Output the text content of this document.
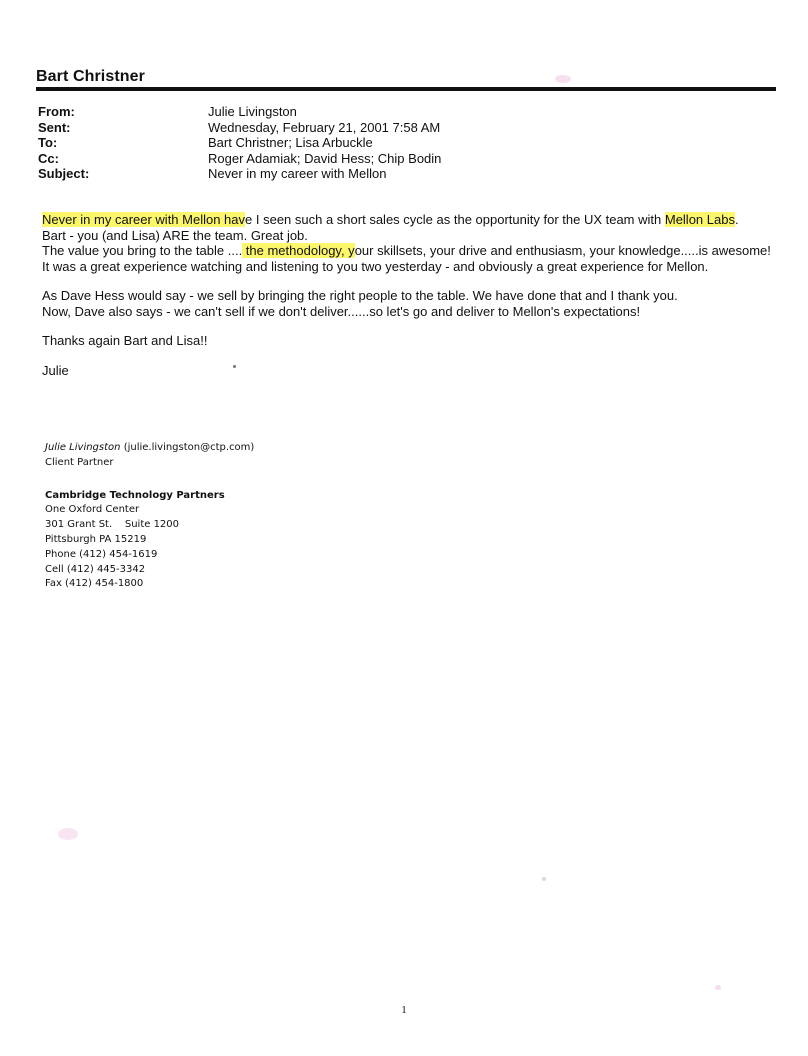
Bart Christner
From:	Julie Livingston
Sent:	Wednesday, February 21, 2001 7:58 AM
To:	Bart Christner; Lisa Arbuckle
Cc:	Roger Adamiak; David Hess; Chip Bodin
Subject:	Never in my career with Mellon

Never in my career with Mellon have I seen such a short sales cycle as the opportunity for the UX team with Mellon Labs.

Bart - you (and Lisa) ARE the team. Great job.

The value you bring to the table .... the methodology, your skillsets, your drive and enthusiasm, your knowledge.....is awesome! It was a great experience watching and listening to you two yesterday - and obviously a great experience for Mellon.

As Dave Hess would say - we sell by bringing the right people to the table. We have done that and I thank you.

Now, Dave also says - we can't sell if we don't deliver......so let's go and deliver to Mellon's expectations!

Thanks again Bart and Lisa!!

Julie

Julie Livingston (julie.livingston@ctp.com)
Client Partner
Cambridge Technology Partners
One Oxford Center
301 Grant St.    Suite 1200
Pittsburgh PA 15219
Phone (412) 454-1619
Cell (412) 445-3342
Fax (412) 454-1800
1
